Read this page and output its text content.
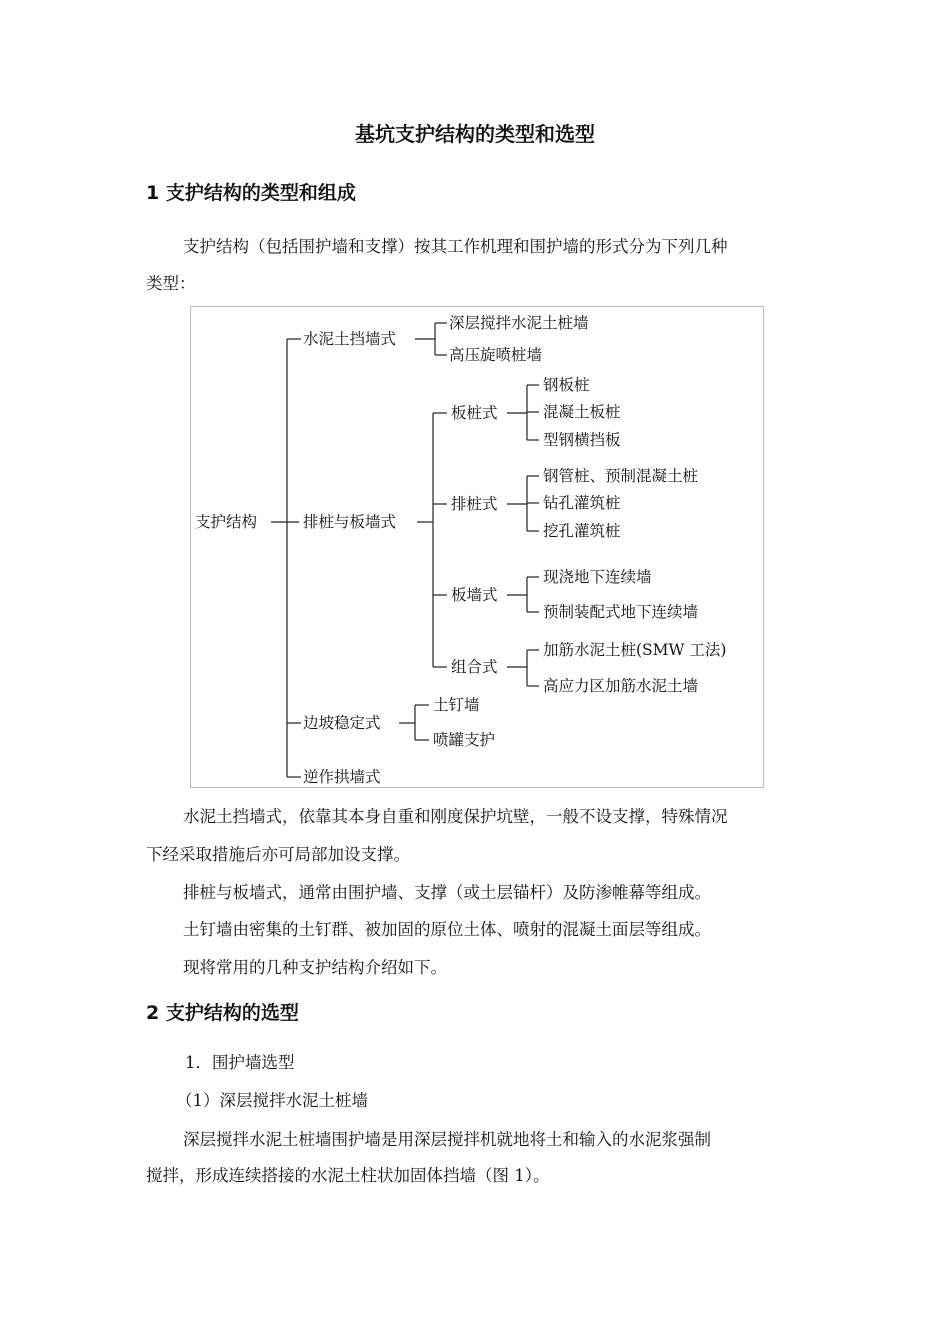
基坑支护结构的类型和选型
1 支护结构的类型和组成
支护结构（包括围护墙和支撑）按其工作机理和围护墙的形式分为下列几种
类型：
支护结构
水泥土挡墙式
排桩与板墙式
边坡稳定式
逆作拱墙式
深层搅拌水泥土桩墙
高压旋喷桩墙
板桩式
排桩式
板墙式
组合式
钢板桩
混凝土板桩
型钢横挡板
钢管桩、预制混凝土桩
钻孔灌筑桩
挖孔灌筑桩
现浇地下连续墙
预制装配式地下连续墙
加筋水泥土桩(SMW 工法)
高应力区加筋水泥土墙
土钉墙
喷罐支护
水泥土挡墙式，依靠其本身自重和刚度保护坑壁，一般不设支撑，特殊情况
下经采取措施后亦可局部加设支撑。
排桩与板墙式，通常由围护墙、支撑（或土层锚杆）及防渗帷幕等组成。
土钉墙由密集的土钉群、被加固的原位土体、喷射的混凝土面层等组成。
现将常用的几种支护结构介绍如下。
2 支护结构的选型
1．围护墙选型
（1）深层搅拌水泥土桩墙
深层搅拌水泥土桩墙围护墙是用深层搅拌机就地将土和输入的水泥浆强制
搅拌，形成连续搭接的水泥土柱状加固体挡墙（图 1）。
